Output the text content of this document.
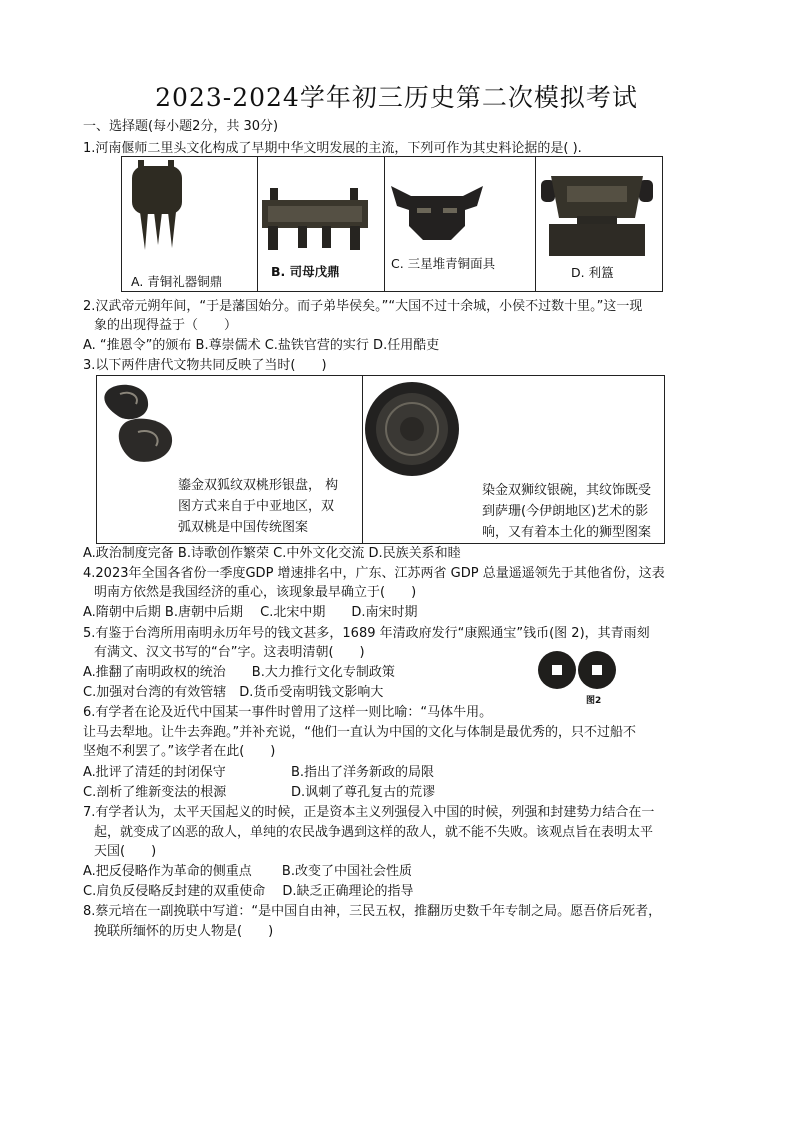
2023-2024学年初三历史第二次模拟考试
一、选择题(每小题2分，共 30分)
1.河南偃师二里头文化构成了早期中华文明发展的主流，下列可作为其史料论据的是( ).
A. 青铜礼器铜鼎
B. 司母戊鼎
C. 三星堆青铜面具
D. 利簋
2.汉武帝元朔年间，“于是藩国始分。而子弟毕侯矣。”“大国不过十余城，小侯不过数十里。”这一现
象的出现得益于（　　）
A. “推恩令”的颁布 B.尊崇儒术 C.盐铁官营的实行 D.任用酷吏
3.以下两件唐代文物共同反映了当时(　　)
鎏金双狐纹双桃形银盘， 构
图方式来自于中亚地区，双
弧双桃是中国传统图案
染金双狮纹银碗，其纹饰既受
到萨珊(今伊朗地区)艺术的影
响，又有着本土化的狮型图案
A.政治制度完备 B.诗歌创作繁荣 C.中外文化交流 D.民族关系和睦
4.2023年全国各省份一季度GDP 增速排名中，广东、江苏两省 GDP 总量遥遥领先于其他省份，这表
明南方依然是我国经济的重心，该现象最早确立于(　　)
A.隋朝中后期 B.唐朝中后期　 C.北宋中期　　D.南宋时期
5.有鉴于台湾所用南明永历年号的钱文甚多，1689 年清政府发行“康熙通宝”钱币(图 2)，其青雨刻
有满文、汉文书写的“台”字。这表明清朝(　　)
A.推翻了南明政权的统治　　B.大力推行文化专制政策
C.加强对台湾的有效管辖　D.货币受南明钱文影响大
图2
6.有学者在论及近代中国某一事件时曾用了这样一则比喻：“马体牛用。
让马去犁地。让牛去奔跑。”并补充说，“他们一直认为中国的文化与体制是最优秀的，只不过船不
坚炮不利罢了。”该学者在此(　　)
A.批评了清廷的封闭保守	B.指出了洋务新政的局限
C.剖析了维新变法的根源	D.讽刺了尊孔复古的荒谬
7.有学者认为，太平天国起义的时候，正是资本主义列强侵入中国的时候，列强和封建势力结合在一
起，就变成了凶恶的敌人，单纯的农民战争遇到这样的敌人，就不能不失败。该观点旨在表明太平
天国(　　)
A.把反侵略作为革命的侧重点　　 B.改变了中国社会性质
C.肩负反侵略反封建的双重使命　 D.缺乏正确理论的指导
8.蔡元培在一副挽联中写道：“是中国自由神，三民五权，推翻历史数千年专制之局。愿吾侪后死者，
挽联所缅怀的历史人物是(　　)
